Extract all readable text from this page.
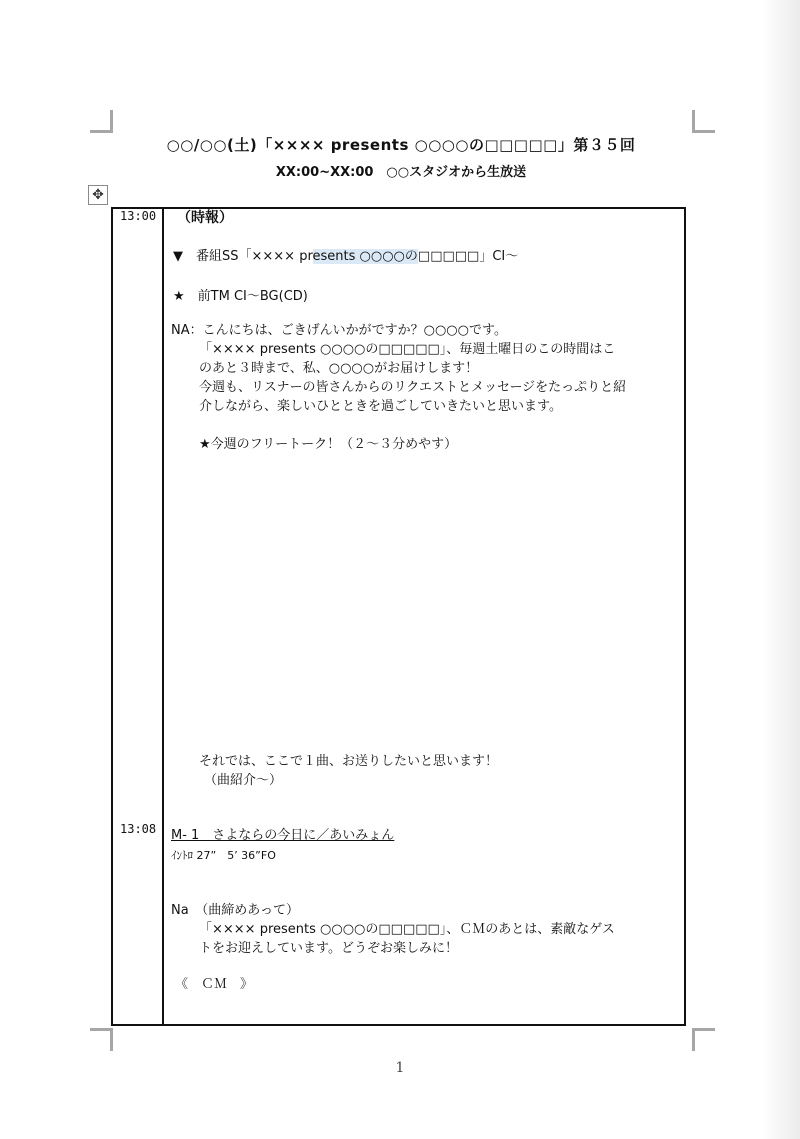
○○/○○(土)「×××× presents ○○○○の□□□□□」第３５回
XX:00~XX:00　○○スタジオから生放送
✥
13:00
13:08
（時報）
▼　番組SS「×××× presents ○○○○の□□□□□」CI～
★　前TM CI～BG(CD)
NA：こんにちは、ごきげんいかがですか？○○○○です。
「×××× presents ○○○○の□□□□□」、毎週土曜日のこの時間はこ
のあと３時まで、私、○○○○がお届けします！
今週も、リスナーの皆さんからのリクエストとメッセージをたっぷりと紹
介しながら、楽しいひとときを過ごしていきたいと思います。
★今週のフリートーク！（２～３分めやす）
それでは、ここで１曲、お送りしたいと思います！
（曲紹介～）
M- 1　さよならの今日に／あいみょん
ｲﾝﾄﾛ 27”　5’ 36”FO
Na　（曲締めあって）
「×××× presents ○○○○の□□□□□」、ＣＭのあとは、素敵なゲス
トをお迎えしています。どうぞお楽しみに！
《　ＣＭ　》
1
